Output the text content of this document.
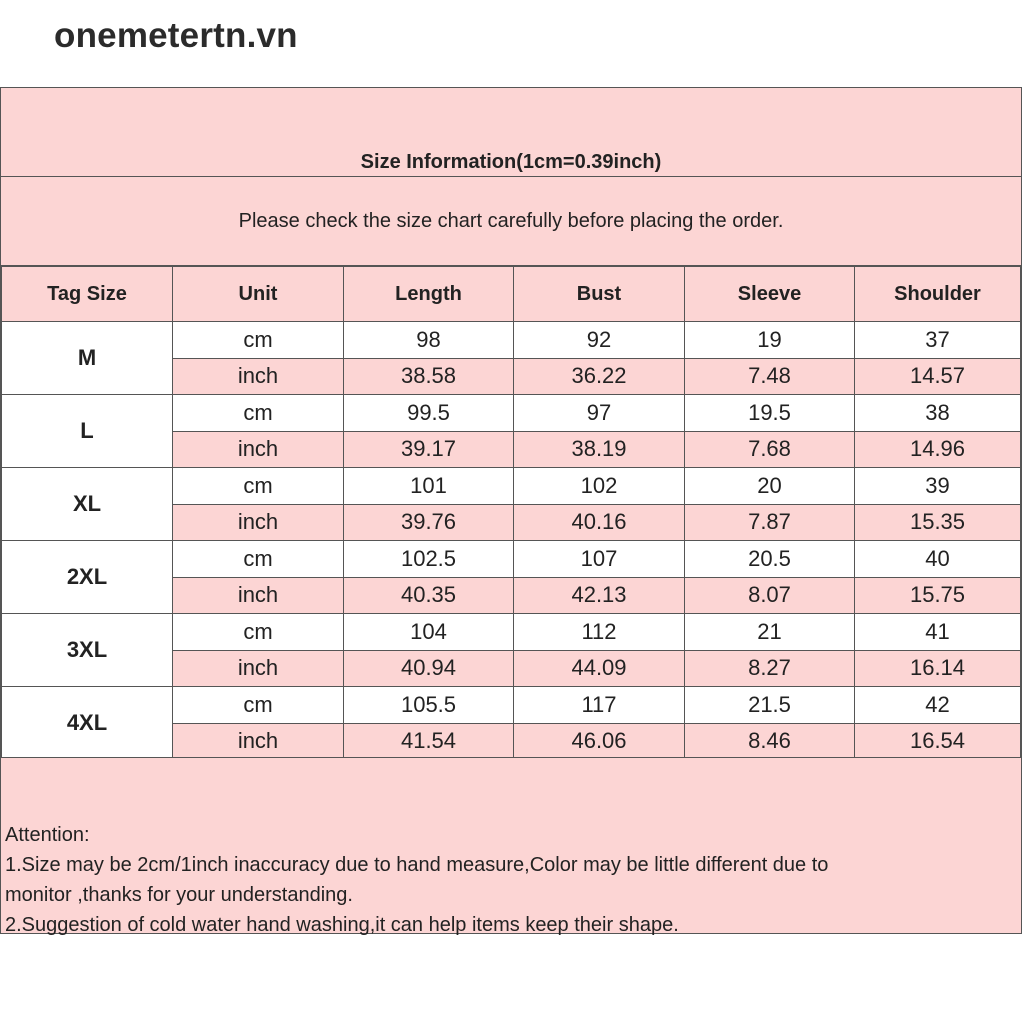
onemetertn.vn
Size Information(1cm=0.39inch)
Please check the size chart carefully before placing the order.
Tag Size	Unit	Length	Bust	Sleeve	Shoulder
M	cm	98	92	19	37
	inch	38.58	36.22	7.48	14.57
L	cm	99.5	97	19.5	38
	inch	39.17	38.19	7.68	14.96
XL	cm	101	102	20	39
	inch	39.76	40.16	7.87	15.35
2XL	cm	102.5	107	20.5	40
	inch	40.35	42.13	8.07	15.75
3XL	cm	104	112	21	41
	inch	40.94	44.09	8.27	16.14
4XL	cm	105.5	117	21.5	42
	inch	41.54	46.06	8.46	16.54
Attention:
1.Size may be 2cm/1inch inaccuracy due to hand measure,Color may be little different due to
monitor ,thanks for your understanding.
2.Suggestion of cold water hand washing,it can help items keep their shape.
